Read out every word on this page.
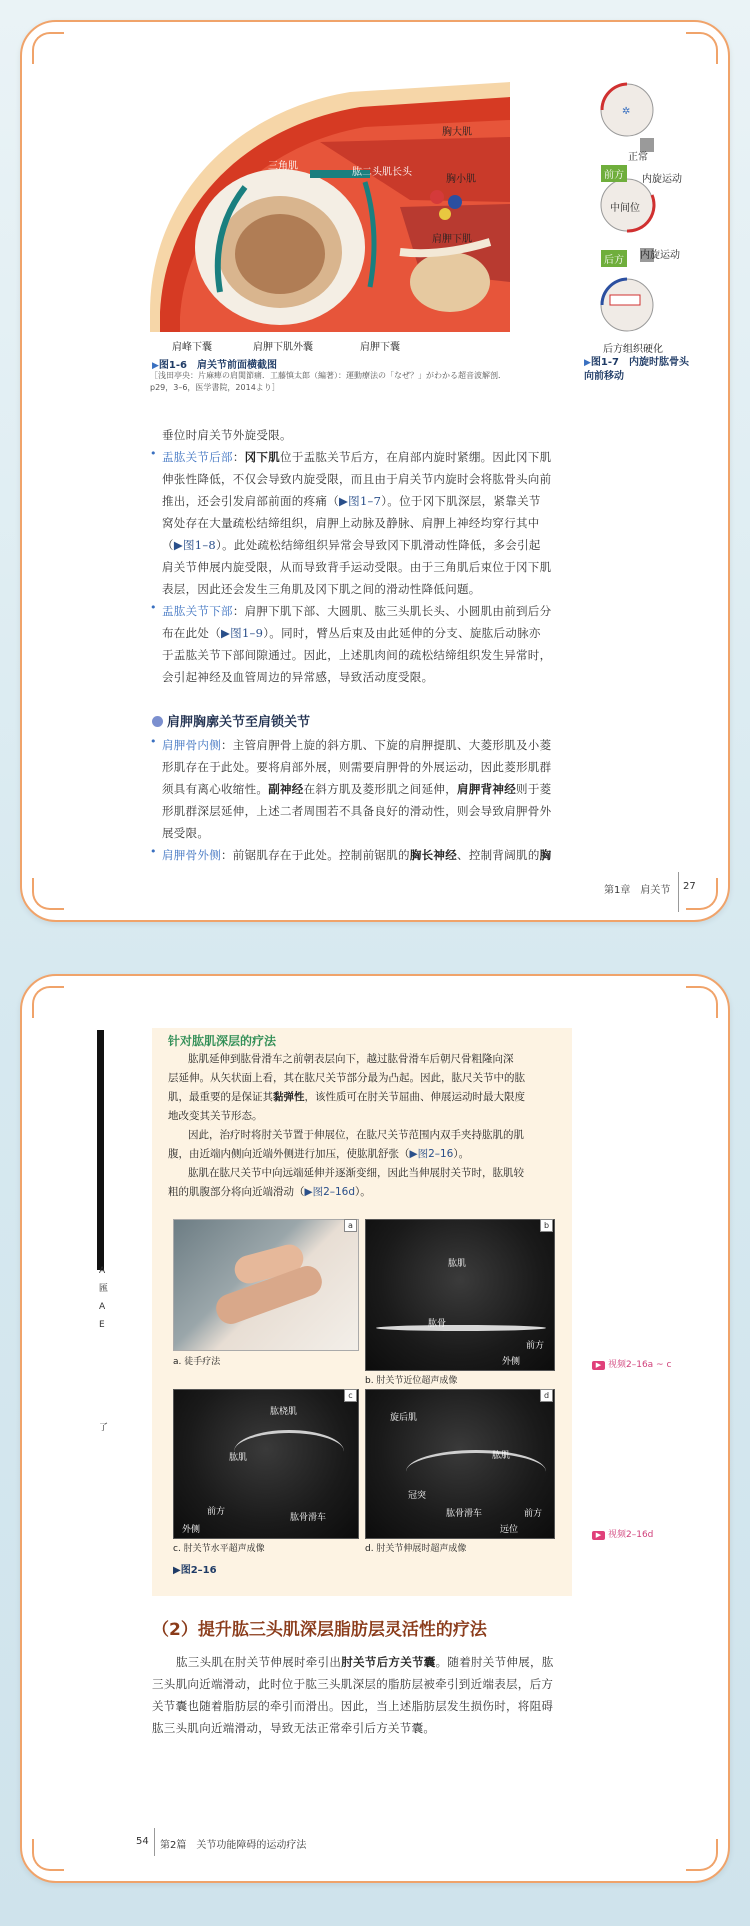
三角肌
肱二头肌长头
胸大肌
胸小肌
肩胛下肌
肩峰下囊	肩胛下肌外囊	肩胛下囊
▶图1-6　 肩关节前面横截图
［浅田亭央：片麻痺の肩関節痛．工藤慎太郎（編著）：運動療法の「なぜ？」がわかる超音波解剖．p29，3–6，医学書院，2014より］
✲
正常
内旋运动
前方
中间位
后方	内旋运动
后方组织硬化
▶图1-7　 内旋时肱骨头向前移动
垂位时肩关节外旋受限。
• 盂肱关节后部：冈下肌位于盂肱关节后方，在肩部内旋时紧绷。因此冈下肌
伸张性降低，不仅会导致内旋受限，而且由于肩关节内旋时会将肱骨头向前
推出，还会引发肩部前面的疼痛（▶图1–7）。位于冈下肌深层，紧靠关节
窝处存在大量疏松结缔组织，肩胛上动脉及静脉、肩胛上神经均穿行其中
（▶图1–8）。此处疏松结缔组织异常会导致冈下肌滑动性降低，多会引起
肩关节伸展内旋受限，从而导致背手运动受限。由于三角肌后束位于冈下肌
表层，因此还会发生三角肌及冈下肌之间的滑动性降低问题。
• 盂肱关节下部：肩胛下肌下部、大圆肌、肱三头肌长头、小圆肌由前到后分
布在此处（▶图1–9）。同时，臂丛后束及由此延伸的分支、旋肱后动脉亦
于盂肱关节下部间隙通过。因此，上述肌肉间的疏松结缔组织发生异常时，
会引起神经及血管周边的异常感，导致活动度受限。
肩胛胸廓关节至肩锁关节
• 肩胛骨内侧：主管肩胛骨上旋的斜方肌、下旋的肩胛提肌、大菱形肌及小菱
形肌存在于此处。要将肩部外展，则需要肩胛骨的外展运动，因此菱形肌群
须具有离心收缩性。副神经在斜方肌及菱形肌之间延伸，肩胛背神经则于菱
形肌群深层延伸，上述二者周围若不具备良好的滑动性，则会导致肩胛骨外
展受限。
• 肩胛骨外侧：前锯肌存在于此处。控制前锯肌的胸长神经、控制背阔肌的胸
第1章　肩关节 27
A
匯
A
E
了
针对肱肌深层的疗法
肱肌延伸到肱骨滑车之前朝表层向下，越过肱骨滑车后朝尺骨粗隆向深
层延伸。从矢状面上看，其在肱尺关节部分最为凸起。因此，肱尺关节中的肱
肌，最重要的是保证其黏弹性，该性质可在肘关节屈曲、伸展运动时最大限度
地改变其关节形态。
因此，治疗时将肘关节置于伸展位，在肱尺关节范围内双手夹持肱肌的肌
腹，由近端内侧向近端外侧进行加压，使肱肌舒张（▶图2–16）。
肱肌在肱尺关节中向远端延伸并逐渐变细，因此当伸展肘关节时，肱肌较
粗的肌腹部分将向近端滑动（▶图2–16d）。
a
a. 徒手疗法
肱肌
肱骨
前方
外侧
b
b. 肘关节近位超声成像
肱桡肌
肱肌
前方
外侧
肱骨滑车
c
c. 肘关节水平超声成像
旋后肌
肱肌
冠突
肱骨滑车	前方
远位
d
d. 肘关节伸展时超声成像
▶图2–16
▶ 视频2–16a ~ c
▶ 视频2–16d
（2）提升肱三头肌深层脂肪层灵活性的疗法
肱三头肌在肘关节伸展时牵引出肘关节后方关节囊。随着肘关节伸展，肱
三头肌向近端滑动，此时位于肱三头肌深层的脂肪层被牵引到近端表层，后方
关节囊也随着脂肪层的牵引而滑出。因此，当上述脂肪层发生损伤时，将阻碍
肱三头肌向近端滑动，导致无法正常牵引后方关节囊。
54 第2篇　关节功能障碍的运动疗法
